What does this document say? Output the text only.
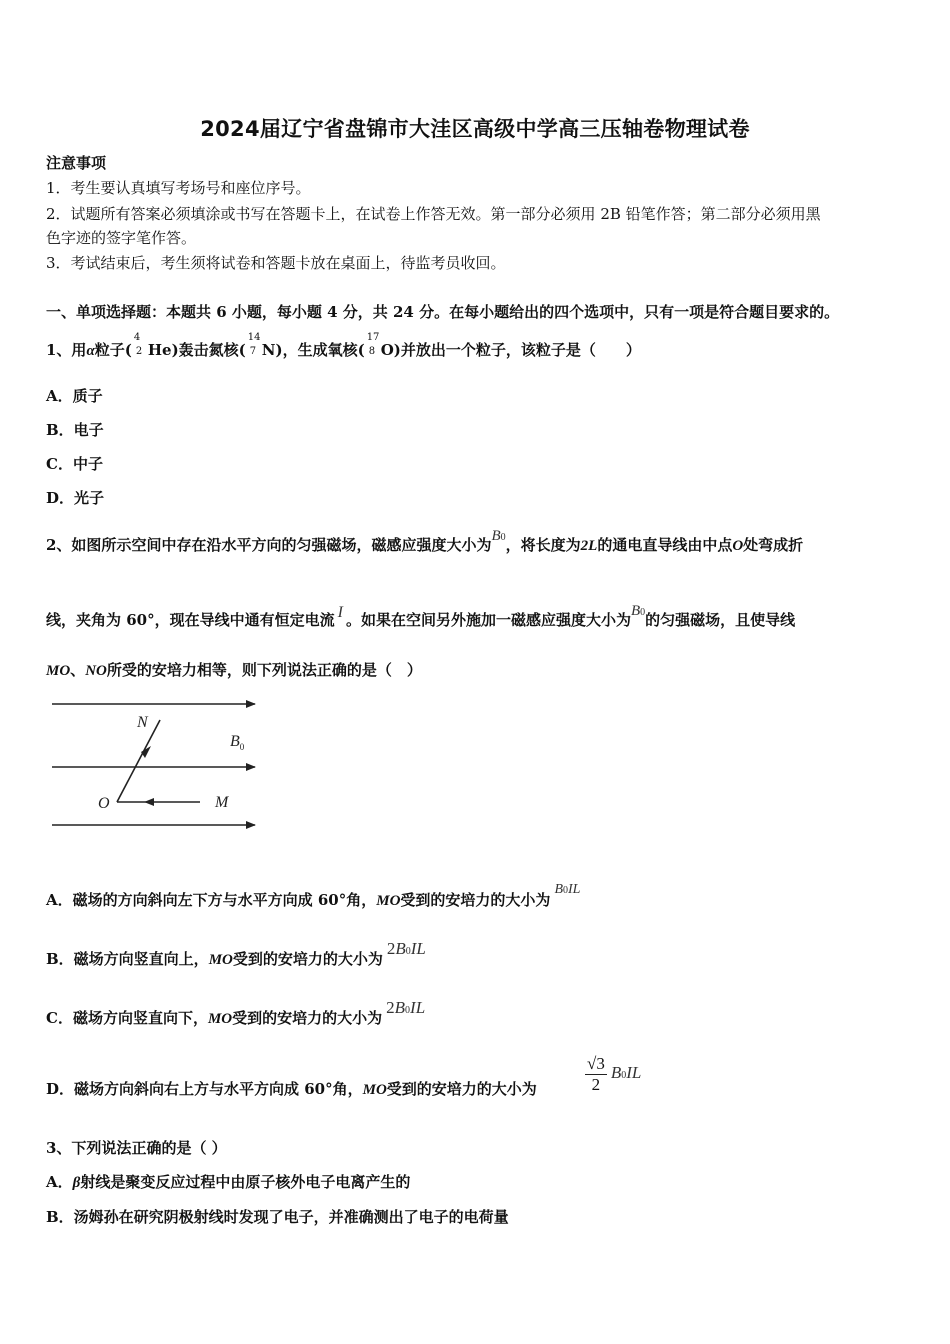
2024届辽宁省盘锦市大洼区高级中学高三压轴卷物理试卷
注意事项
1．考生要认真填写考场号和座位序号。
2．试题所有答案必须填涂或书写在答题卡上，在试卷上作答无效。第一部分必须用 2B 铅笔作答；第二部分必须用黑
色字迹的签字笔作答。
3．考试结束后，考生须将试卷和答题卡放在桌面上，待监考员收回。
一、单项选择题：本题共 6 小题，每小题 4 分，共 24 分。在每小题给出的四个选项中，只有一项是符合题目要求的。
1、用α粒子(
4
2 He)轰击氮核(
14
7 N)，生成氧核(
17
8 O)并放出一个粒子，该粒子是（　　）
A．质子
B．电子
C．中子
D．光子
2、如图所示空间中存在沿水平方向的匀强磁场，磁感应强度大小为B0，将长度为2L的通电直导线由中点O处弯成折
线，夹角为 60°，现在导线中通有恒定电流 I 。如果在空间另外施加一磁感应强度大小为B0的匀强磁场，且使导线
MO、NO所受的安培力相等，则下列说法正确的是（　）
N
$B_0$
O	M
A．磁场的方向斜向左下方与水平方向成 60°角，MO受到的安培力的大小为B0IL
B．磁场方向竖直向上，MO受到的安培力的大小为2B0IL
C．磁场方向竖直向下，MO受到的安培力的大小为2B0IL
D．磁场方向斜向右上方与水平方向成 60°角，MO受到的安培力的大小为	$\frac{√3}{2} B0IL$
3、下列说法正确的是（ ）
A．β射线是聚变反应过程中由原子核外电子电离产生的
B．汤姆孙在研究阴极射线时发现了电子，并准确测出了电子的电荷量
